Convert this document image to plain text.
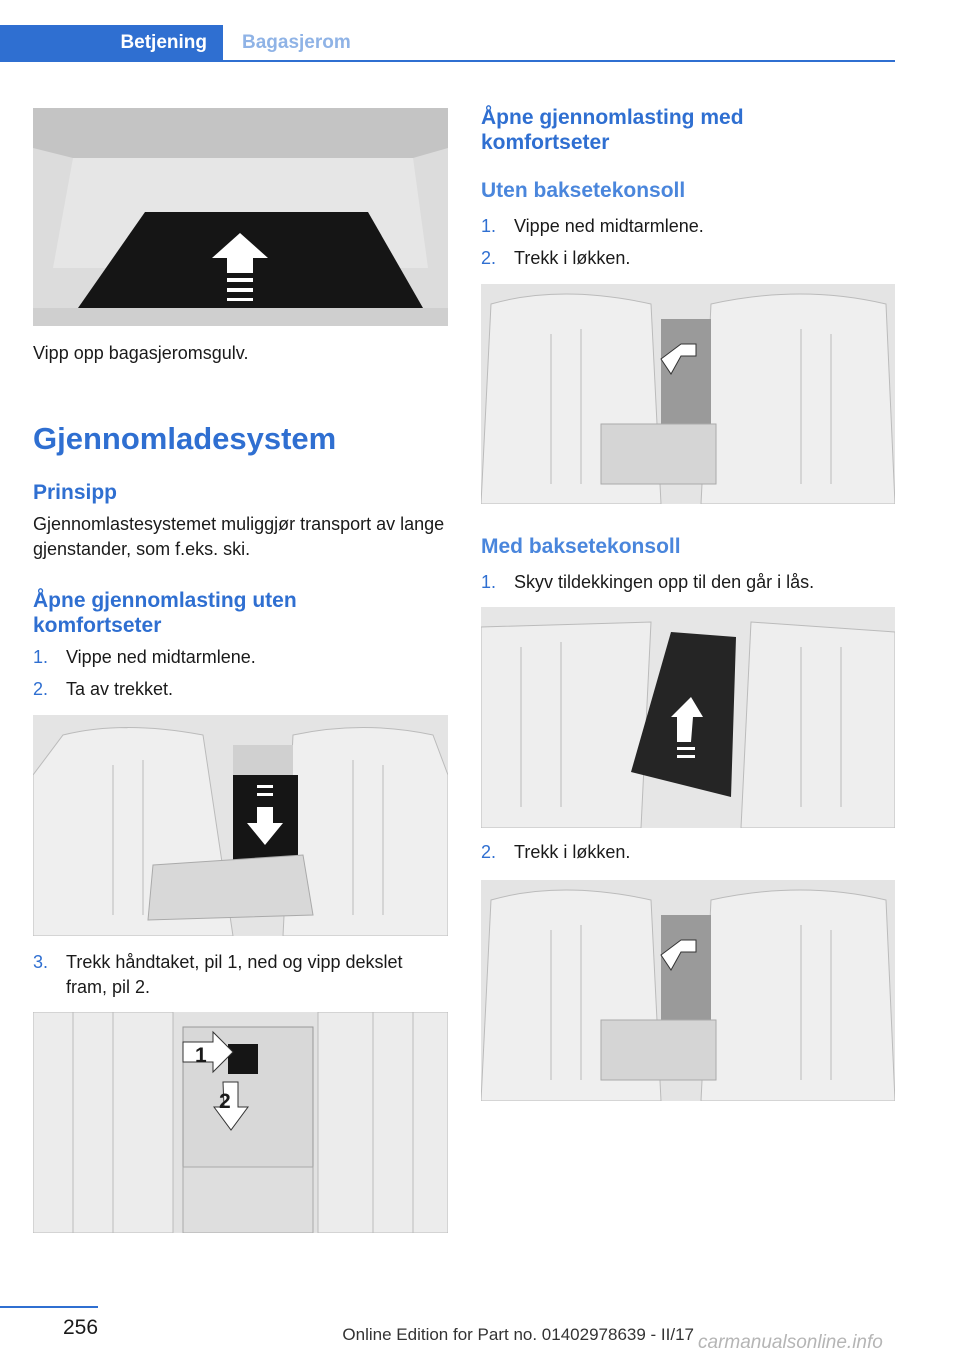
Betjening Bagasjerom
Vipp opp bagasjeromsgulv.
Gjennomladesystem
Prinsipp
Gjennomlastesystemet muliggjør transport av lange gjenstander, som f.eks. ski.
Åpne gjennomlasting uten komfortseter
1. Vippe ned midtarmlene.
2. Ta av trekket.
3. Trekk håndtaket, pil 1, ned og vipp dekslet fram, pil 2.
1
2
Åpne gjennomlasting med komfortseter
Uten baksetekonsoll
1. Vippe ned midtarmlene.
2. Trekk i løkken.
Med baksetekonsoll
1. Skyv tildekkingen opp til den går i lås.
2. Trekk i løkken.
256	Online Edition for Part no. 01402978639 - II/17 carmanualsonline.info
